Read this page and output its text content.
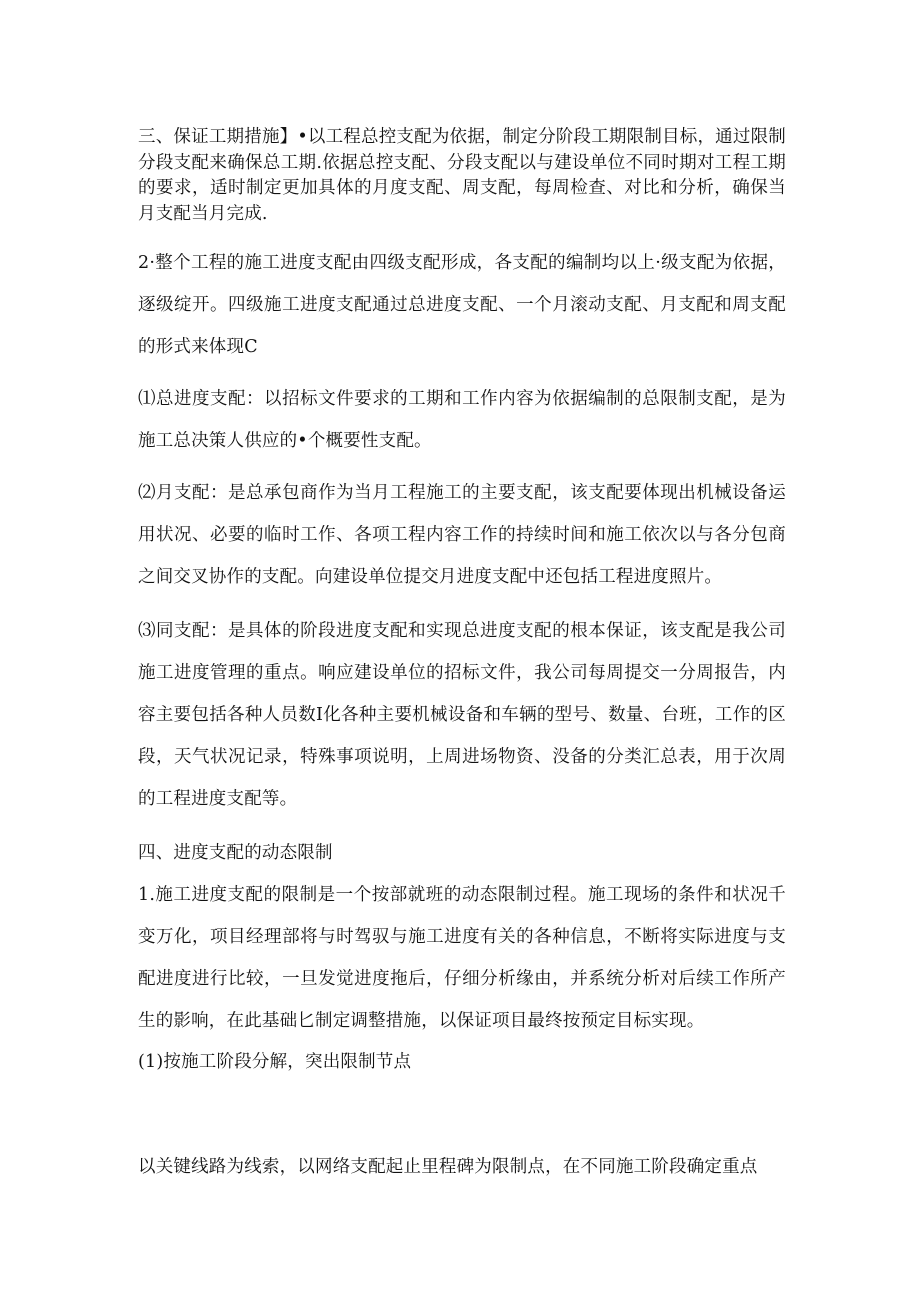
三、保证工期措施】•以工程总控支配为依据，制定分阶段工期限制目标，通过限制分段支配来确保总工期.依据总控支配、分段支配以与建设单位不同时期对工程工期的要求，适时制定更加具体的月度支配、周支配，每周检查、对比和分析，确保当月支配当月完成.

2·整个工程的施工进度支配由四级支配形成，各支配的编制均以上·级支配为依据，逐级绽开。四级施工进度支配通过总进度支配、一个月滚动支配、月支配和周支配的形式来体现C

⑴总进度支配：以招标文件要求的工期和工作内容为依据编制的总限制支配，是为施工总决策人供应的•个概要性支配。

⑵月支配：是总承包商作为当月工程施工的主要支配，该支配要体现出机械设备运用状况、必要的临时工作、各项工程内容工作的持续时间和施工依次以与各分包商之间交叉协作的支配。向建设单位提交月进度支配中还包括工程进度照片。

⑶同支配：是具体的阶段进度支配和实现总进度支配的根本保证，该支配是我公司施工进度管理的重点。响应建设单位的招标文件，我公司每周提交一分周报告，内容主要包括各种人员数I化各种主要机械设备和车辆的型号、数量、台班，工作的区段，天气状况记录，特殊事项说明，上周进场物资、没备的分类汇总表，用于次周的工程进度支配等。

四、进度支配的动态限制

1.施工进度支配的限制是一个按部就班的动态限制过程。施工现场的条件和状况千变万化，项目经理部将与时驾驭与施工进度有关的各种信息，不断将实际进度与支配进度进行比较，一旦发觉进度拖后，仔细分析缘由，并系统分析对后续工作所产生的影响，在此基础匕制定调整措施，以保证项目最终按预定目标实现。

(1)按施工阶段分解，突出限制节点

以关键线路为线索，以网络支配起止里程碑为限制点，在不同施工阶段确定重点
